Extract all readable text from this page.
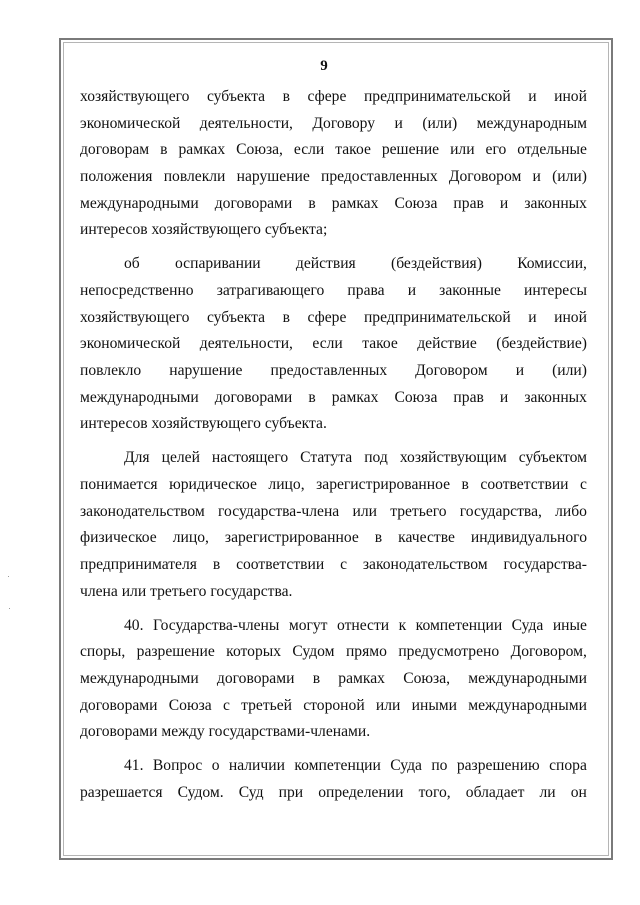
9
хозяйствующего субъекта в сфере предпринимательской и иной
экономической деятельности, Договору и (или) международным
договорам в рамках Союза, если такое решение или его отдельные
положения повлекли нарушение предоставленных Договором и (или)
международными договорами в рамках Союза прав и законных
интересов хозяйствующего субъекта;
об оспаривании действия (бездействия) Комиссии,
непосредственно затрагивающего права и законные интересы
хозяйствующего субъекта в сфере предпринимательской и иной
экономической деятельности, если такое действие (бездействие)
повлекло нарушение предоставленных Договором и (или)
международными договорами в рамках Союза прав и законных
интересов хозяйствующего субъекта.
Для целей настоящего Статута под хозяйствующим субъектом
понимается юридическое лицо, зарегистрированное в соответствии с
законодательством государства-члена или третьего государства, либо
физическое лицо, зарегистрированное в качестве индивидуального
предпринимателя в соответствии с законодательством государства-
члена или третьего государства.
40. Государства-члены могут отнести к компетенции Суда иные
споры, разрешение которых Судом прямо предусмотрено Договором,
международными договорами в рамках Союза, международными
договорами Союза с третьей стороной или иными международными
договорами между государствами-членами.
41. Вопрос о наличии компетенции Суда по разрешению спора
разрешается Судом. Суд при определении того, обладает ли он
